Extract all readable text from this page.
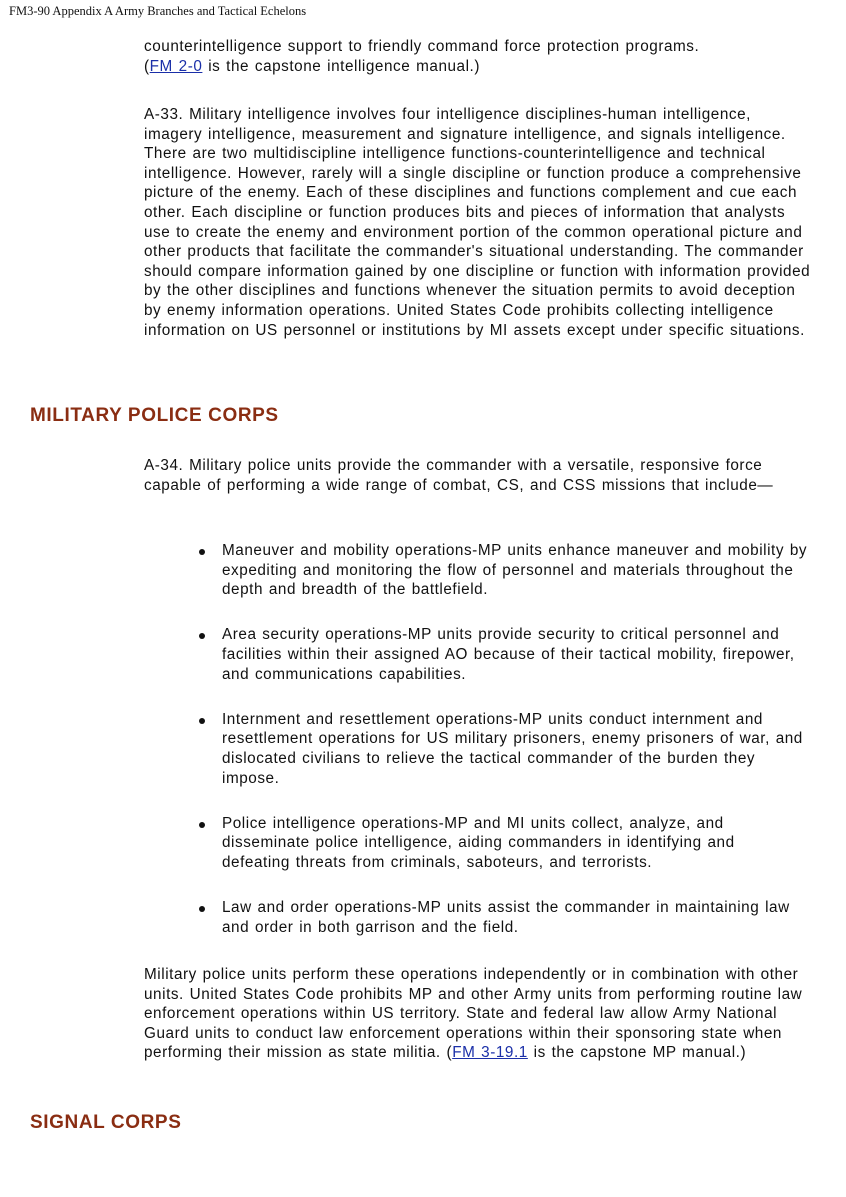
FM3-90 Appendix A Army Branches and Tactical Echelons
counterintelligence support to friendly command force protection programs.
(FM 2-0 is the capstone intelligence manual.)
A-33. Military intelligence involves four intelligence disciplines-human intelligence, imagery intelligence, measurement and signature intelligence, and signals intelligence. There are two multidiscipline intelligence functions-counterintelligence and technical intelligence. However, rarely will a single discipline or function produce a comprehensive picture of the enemy. Each of these disciplines and functions complement and cue each other. Each discipline or function produces bits and pieces of information that analysts use to create the enemy and environment portion of the common operational picture and other products that facilitate the commander's situational understanding. The commander should compare information gained by one discipline or function with information provided by the other disciplines and functions whenever the situation permits to avoid deception by enemy information operations. United States Code prohibits collecting intelligence information on US personnel or institutions by MI assets except under specific situations.
MILITARY POLICE CORPS
A-34. Military police units provide the commander with a versatile, responsive force capable of performing a wide range of combat, CS, and CSS missions that include—
Maneuver and mobility operations-MP units enhance maneuver and mobility by expediting and monitoring the flow of personnel and materials throughout the depth and breadth of the battlefield.
Area security operations-MP units provide security to critical personnel and facilities within their assigned AO because of their tactical mobility, firepower, and communications capabilities.
Internment and resettlement operations-MP units conduct internment and resettlement operations for US military prisoners, enemy prisoners of war, and dislocated civilians to relieve the tactical commander of the burden they impose.
Police intelligence operations-MP and MI units collect, analyze, and disseminate police intelligence, aiding commanders in identifying and defeating threats from criminals, saboteurs, and terrorists.
Law and order operations-MP units assist the commander in maintaining law and order in both garrison and the field.
Military police units perform these operations independently or in combination with other units. United States Code prohibits MP and other Army units from performing routine law enforcement operations within US territory. State and federal law allow Army National Guard units to conduct law enforcement operations within their sponsoring state when performing their mission as state militia. (FM 3-19.1 is the capstone MP manual.)
SIGNAL CORPS
